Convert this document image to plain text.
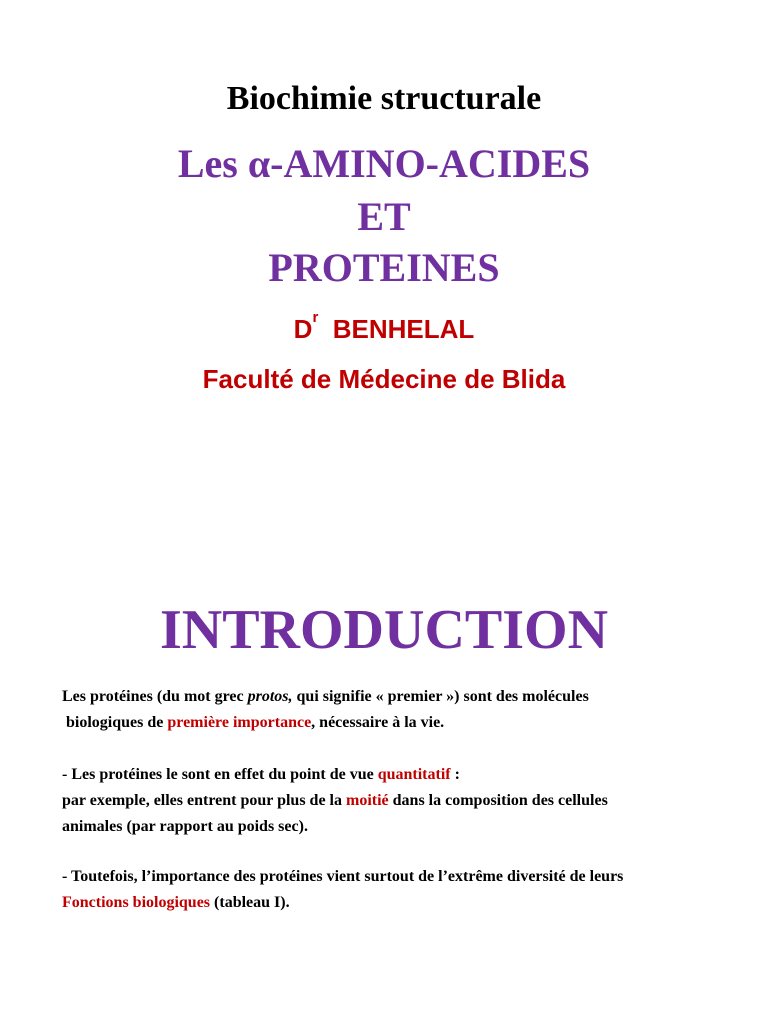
Biochimie structurale
Les α-AMINO-ACIDES
ET
PROTEINES
$D^r$ BENHELAL
Faculté de Médecine de Blida
INTRODUCTION
Les protéines (du mot grec protos, qui signifie « premier ») sont des molécules
biologiques de première importance, nécessaire à la vie.
- Les protéines le sont en effet du point de vue quantitatif :
par exemple, elles entrent pour plus de la moitié dans la composition des cellules
animales (par rapport au poids sec).
- Toutefois, l’importance des protéines vient surtout de l’extrême diversité de leurs
Fonctions biologiques (tableau I).
